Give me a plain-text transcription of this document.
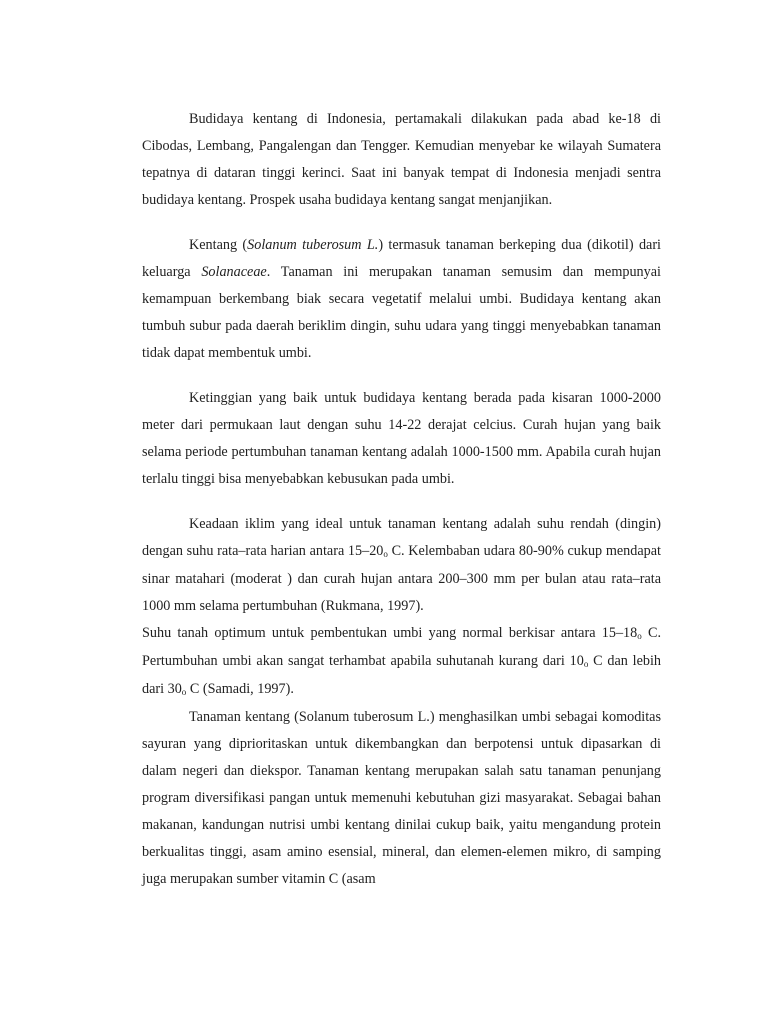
Budidaya kentang di Indonesia, pertamakali dilakukan pada abad ke-18 di Cibodas, Lembang, Pangalengan dan Tengger. Kemudian menyebar ke wilayah Sumatera tepatnya di dataran tinggi kerinci. Saat ini banyak tempat di Indonesia menjadi sentra budidaya kentang. Prospek usaha budidaya kentang sangat menjanjikan.

Kentang (Solanum tuberosum L.) termasuk tanaman berkeping dua (dikotil) dari keluarga Solanaceae. Tanaman ini merupakan tanaman semusim dan mempunyai kemampuan berkembang biak secara vegetatif melalui umbi. Budidaya kentang akan tumbuh subur pada daerah beriklim dingin, suhu udara yang tinggi menyebabkan tanaman tidak dapat membentuk umbi.

Ketinggian yang baik untuk budidaya kentang berada pada kisaran 1000-2000 meter dari permukaan laut dengan suhu 14-22 derajat celcius. Curah hujan yang baik selama periode pertumbuhan tanaman kentang adalah 1000-1500 mm. Apabila curah hujan terlalu tinggi bisa menyebabkan kebusukan pada umbi.

Keadaan iklim yang ideal untuk tanaman kentang adalah suhu rendah (dingin) dengan suhu rata–rata harian antara 15–20o C. Kelembaban udara 80-90% cukup mendapat sinar matahari (moderat ) dan curah hujan antara 200–300 mm per bulan atau rata–rata 1000 mm selama pertumbuhan (Rukmana, 1997).

Suhu tanah optimum untuk pembentukan umbi yang normal berkisar antara 15–18o C. Pertumbuhan umbi akan sangat terhambat apabila suhutanah kurang dari 10o C dan lebih dari 30o C (Samadi, 1997).

Tanaman kentang (Solanum tuberosum L.) menghasilkan umbi sebagai komoditas sayuran yang diprioritaskan untuk dikembangkan dan berpotensi untuk dipasarkan di dalam negeri dan diekspor. Tanaman kentang merupakan salah satu tanaman penunjang program diversifikasi pangan untuk memenuhi kebutuhan gizi masyarakat. Sebagai bahan makanan, kandungan nutrisi umbi kentang dinilai cukup baik, yaitu mengandung protein berkualitas tinggi, asam amino esensial, mineral, dan elemen-elemen mikro, di samping juga merupakan sumber vitamin C (asam
